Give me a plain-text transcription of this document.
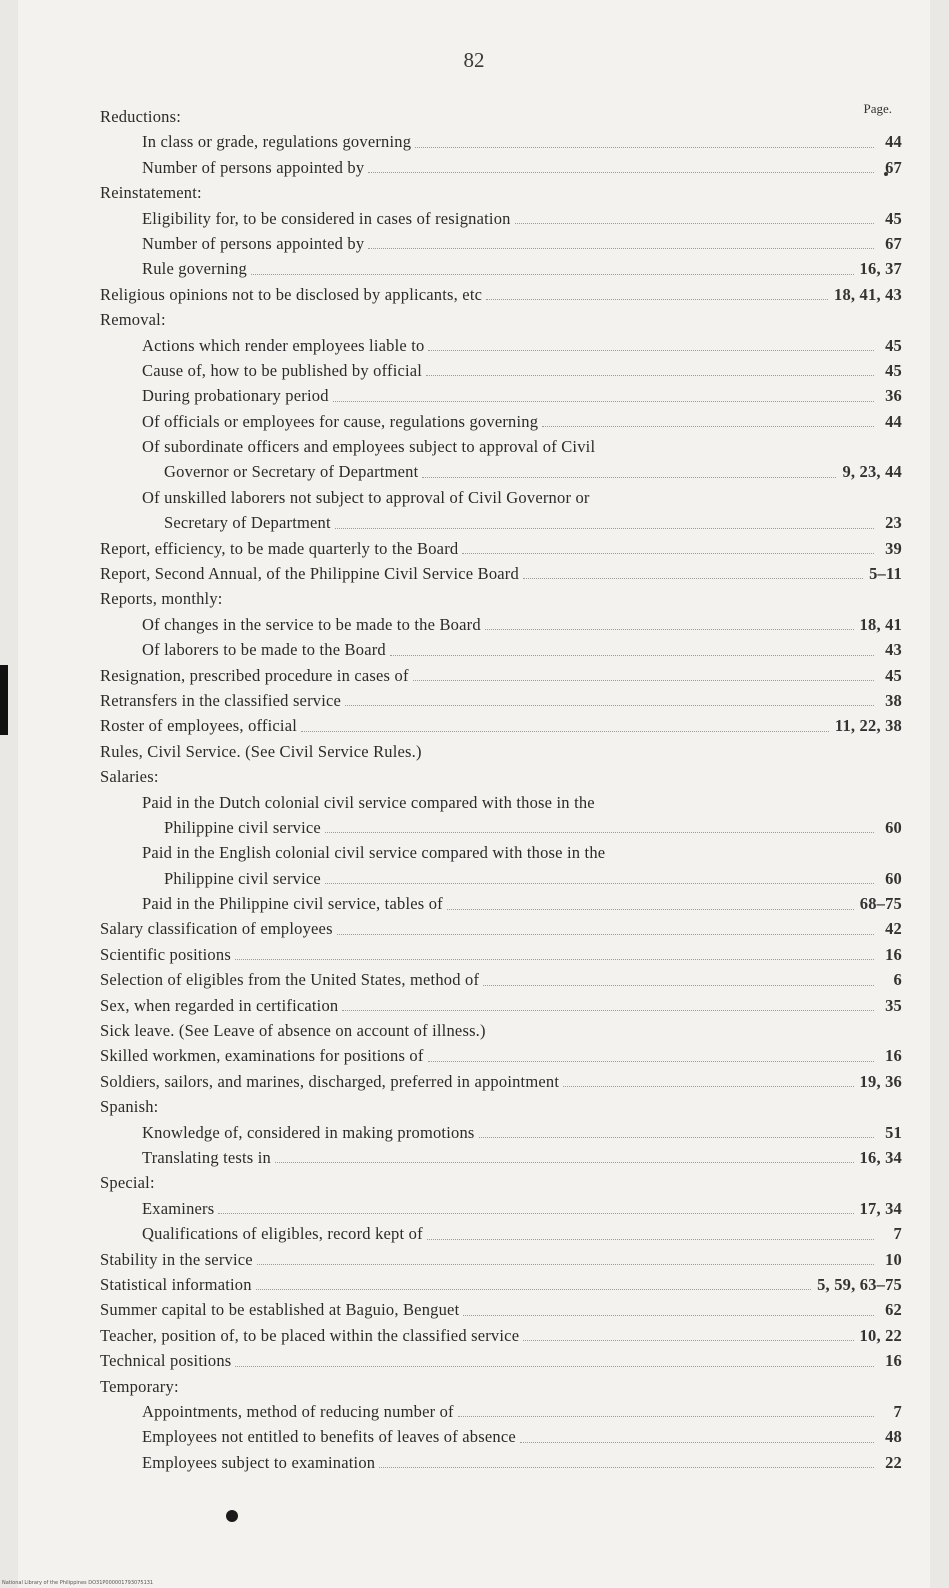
82
Page.
Reductions:
In class or grade, regulations governing	44
Number of persons appointed by	67
Reinstatement:
Eligibility for, to be considered in cases of resignation	45
Number of persons appointed by	67
Rule governing	16, 37
Religious opinions not to be disclosed by applicants, etc	18, 41, 43
Removal:
Actions which render employees liable to	45
Cause of, how to be published by official	45
During probationary period	36
Of officials or employees for cause, regulations governing	44
Of subordinate officers and employees subject to approval of Civil
Governor or Secretary of Department	9, 23, 44
Of unskilled laborers not subject to approval of Civil Governor or
Secretary of Department	23
Report, efficiency, to be made quarterly to the Board	39
Report, Second Annual, of the Philippine Civil Service Board	5–11
Reports, monthly:
Of changes in the service to be made to the Board	18, 41
Of laborers to be made to the Board	43
Resignation, prescribed procedure in cases of	45
Retransfers in the classified service	38
Roster of employees, official	11, 22, 38
Rules, Civil Service. (See Civil Service Rules.)
Salaries:
Paid in the Dutch colonial civil service compared with those in the
Philippine civil service	60
Paid in the English colonial civil service compared with those in the
Philippine civil service	60
Paid in the Philippine civil service, tables of	68–75
Salary classification of employees	42
Scientific positions	16
Selection of eligibles from the United States, method of	6
Sex, when regarded in certification	35
Sick leave. (See Leave of absence on account of illness.)
Skilled workmen, examinations for positions of	16
Soldiers, sailors, and marines, discharged, preferred in appointment	19, 36
Spanish:
Knowledge of, considered in making promotions	51
Translating tests in	16, 34
Special:
Examiners	17, 34
Qualifications of eligibles, record kept of	7
Stability in the service	10
Statistical information	5, 59, 63–75
Summer capital to be established at Baguio, Benguet	62
Teacher, position of, to be placed within the classified service	10, 22
Technical positions	16
Temporary:
Appointments, method of reducing number of	7
Employees not entitled to benefits of leaves of absence	48
Employees subject to examination	22
National Library of the Philippines DO31P000001793075131
